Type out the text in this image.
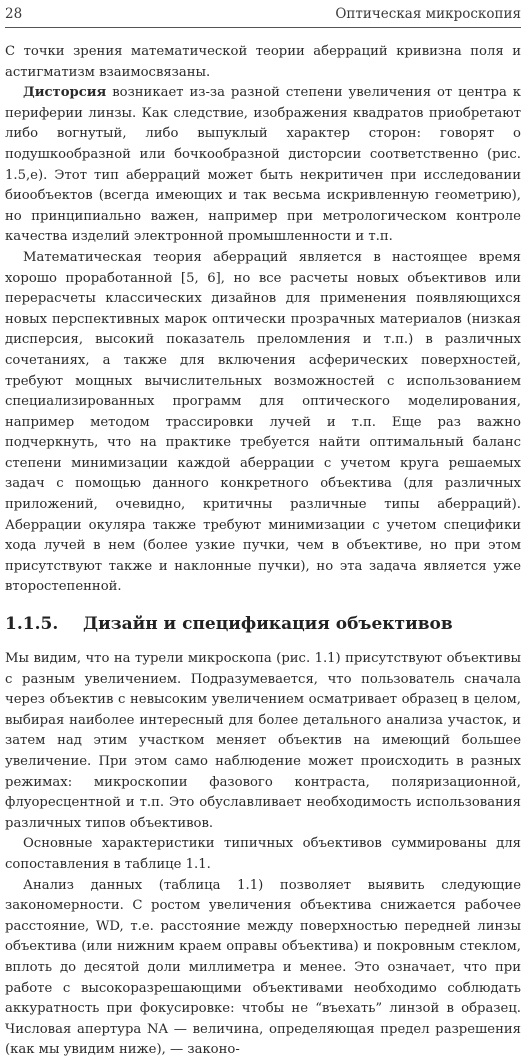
28	Оптическая микроскопия

С точки зрения математической теории аберраций кривизна поля и астигматизм взаимосвязаны.

Дисторсия возникает из-за разной степени увеличения от центра к периферии линзы. Как следствие, изображения квадратов приобретают либо вогнутый, либо выпуклый характер сторон: говорят о подушкообразной или бочкообразной дисторсии соответственно (рис. 1.5,е). Этот тип аберраций может быть некритичен при исследовании биообъектов (всегда имеющих и так весьма искривленную геометрию), но принципиально важен, например при метрологическом контроле качества изделий электронной промышленности и т.п.

Математическая теория аберраций является в настоящее время хорошо проработанной [5, 6], но все расчеты новых объективов или перерасчеты классических дизайнов для применения появляющихся новых перспективных марок оптически прозрачных материалов (низкая дисперсия, высокий показатель преломления и т.п.) в различных сочетаниях, а также для включения асферических поверхностей, требуют мощных вычислительных возможностей с использованием специализированных программ для оптического моделирования, например методом трассировки лучей и т.п. Еще раз важно подчеркнуть, что на практике требуется найти оптимальный баланс степени минимизации каждой аберрации с учетом круга решаемых задач с помощью данного конкретного объектива (для различных приложений, очевидно, критичны различные типы аберраций). Аберрации окуляра также требуют минимизации с учетом специфики хода лучей в нем (более узкие пучки, чем в объективе, но при этом присутствуют также и наклонные пучки), но эта задача является уже второстепенной.

1.1.5.	Дизайн и спецификация объективов

Мы видим, что на турели микроскопа (рис. 1.1) присутствуют объективы с разным увеличением. Подразумевается, что пользователь сначала через объектив с невысоким увеличением осматривает образец в целом, выбирая наиболее интересный для более детального анализа участок, и затем над этим участком меняет объектив на имеющий большее увеличение. При этом само наблюдение может происходить в разных режимах: микроскопии фазового контраста, поляризационной, флуоресцентной и т.п. Это обуславливает необходимость использования различных типов объективов.

Основные характеристики типичных объективов суммированы для сопоставления в таблице 1.1.

Анализ данных (таблица 1.1) позволяет выявить следующие закономерности. С ростом увеличения объектива снижается рабочее расстояние, WD, т.е. расстояние между поверхностью передней линзы объектива (или нижним краем оправы объектива) и покровным стеклом, вплоть до десятой доли миллиметра и менее. Это означает, что при работе с высокоразрешающими объективами необходимо соблюдать аккуратность при фокусировке: чтобы не “въехать” линзой в образец. Числовая апертура NA — величина, определяющая предел разрешения (как мы увидим ниже), — законо-
